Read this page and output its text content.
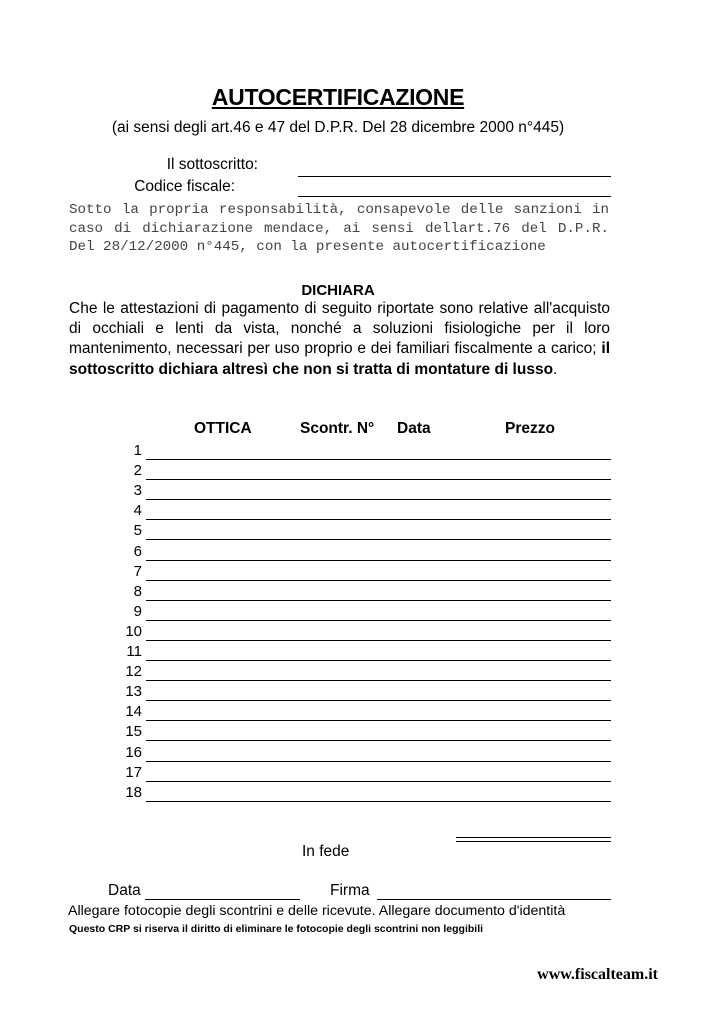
AUTOCERTIFICAZIONE
(ai sensi degli art.46 e 47 del D.P.R. Del 28 dicembre 2000 n°445)
Il sottoscritto:
Codice fiscale:
Sotto la propria responsabilità, consapevole delle sanzioni in caso di dichiarazione mendace, ai sensi dellart.76 del D.P.R. Del 28/12/2000 n°445, con la presente autocertificazione
DICHIARA
Che le attestazioni di pagamento di seguito riportate sono relative all'acquisto di occhiali e lenti da vista, nonché a soluzioni fisiologiche per il loro mantenimento, necessari per uso proprio e dei familiari fiscalmente a carico; il sottoscritto dichiara altresì che non si tratta di montature di lusso.
OTTICA	Scontr. N° Data	Prezzo
1
2
3
4
5
6
7
8
9
10
11
12
13
14
15
16
17
18
In fede
Data	Firma
Allegare fotocopie degli scontrini e delle ricevute. Allegare documento d'identità
Questo CRP si riserva il diritto di eliminare le fotocopie degli scontrini non leggibili
www.fiscalteam.it
